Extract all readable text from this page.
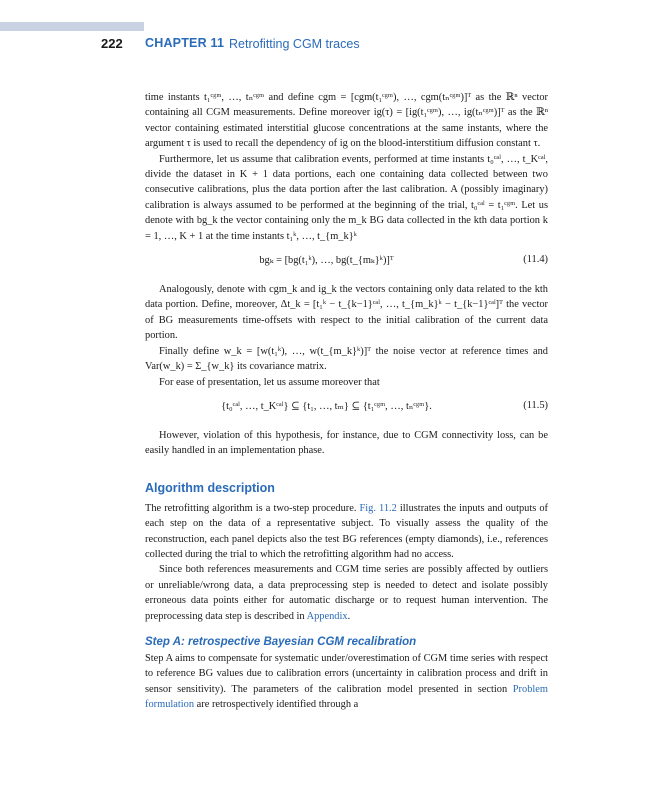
222 CHAPTER 11 Retrofitting CGM traces

time instants t₁ᶜᵍᵐ, …, tₙᶜᵍᵐ and define cgm = [cgm(t₁ᶜᵍᵐ), …, cgm(tₙᶜᵍᵐ)]ᵀ as the ℝⁿ vector containing all CGM measurements. Define moreover ig(τ) = [ig(t₁ᶜᵍᵐ), …, ig(tₙᶜᵍᵐ)]ᵀ as the ℝⁿ vector containing estimated interstitial glucose concentrations at the same instants, where the argument τ is used to recall the dependency of ig on the blood-interstitium diffusion constant τ.

Furthermore, let us assume that calibration events, performed at time instants t₀ᶜᵃˡ, …, t_Kᶜᵃˡ, divide the dataset in K + 1 data portions, each one containing data collected between two consecutive calibrations, plus the data portion after the last calibration. A (possibly imaginary) calibration is always assumed to be performed at the beginning of the trial, t₀ᶜᵃˡ = t₁ᶜᵍᵐ. Let us denote with bg_k the vector containing only the m_k BG data collected in the kth data portion k = 1, …, K + 1 at the time instants t₁ᵏ, …, t_{m_k}ᵏ

bgₖ = [bg(t₁ᵏ), …, bg(t_{mₖ}ᵏ)]ᵀ	(11.4)

Analogously, denote with cgm_k and ig_k the vectors containing only data related to the kth data portion. Define, moreover, Δt_k = [t₁ᵏ − t_{k−1}ᶜᵃˡ, …, t_{m_k}ᵏ − t_{k−1}ᶜᵃˡ]ᵀ the vector of BG measurements time-offsets with respect to the initial calibration of the current data portion.

Finally define w_k = [w(t₁ᵏ), …, w(t_{m_k}ᵏ)]ᵀ the noise vector at reference times and Var(w_k) = Σ_{w_k} its covariance matrix.

For ease of presentation, let us assume moreover that

{t₀ᶜᵃˡ, …, t_Kᶜᵃˡ} ⊆ {t₁, …, tₘ} ⊆ {t₁ᶜᵍᵐ, …, tₙᶜᵍᵐ}.	(11.5)

However, violation of this hypothesis, for instance, due to CGM connectivity loss, can be easily handled in an implementation phase.

Algorithm description

The retrofitting algorithm is a two-step procedure. Fig. 11.2 illustrates the inputs and outputs of each step on the data of a representative subject. To visually assess the quality of the reconstruction, each panel depicts also the test BG references (empty diamonds), i.e., references collected during the trial to which the retrofitting algorithm had no access.

Since both references measurements and CGM time series are possibly affected by outliers or unreliable/wrong data, a data preprocessing step is needed to detect and isolate possibly erroneous data points either for automatic discharge or to request human intervention. The preprocessing data step is described in Appendix.

Step A: retrospective Bayesian CGM recalibration

Step A aims to compensate for systematic under/overestimation of CGM time series with respect to reference BG values due to calibration errors (uncertainty in calibration process and drift in sensor sensitivity). The parameters of the calibration model presented in section Problem formulation are retrospectively identified through a
